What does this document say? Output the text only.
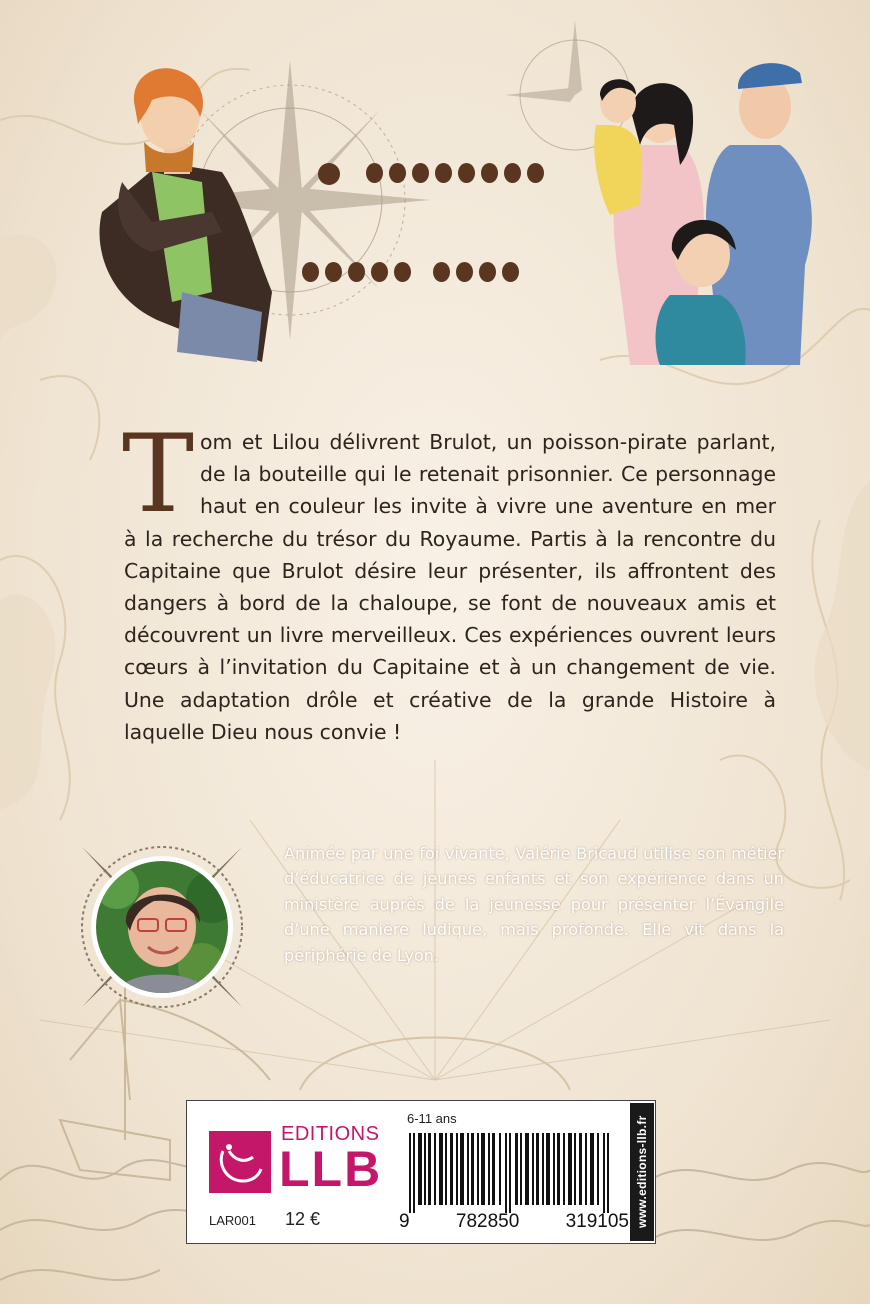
Tom et Lilou délivrent Brulot, un poisson-pirate parlant, de la bouteille qui le retenait prisonnier. Ce personnage haut en couleur les invite à vivre une aventure en mer à la recherche du trésor du Royaume. Partis à la rencontre du Capitaine que Brulot désire leur présenter, ils affrontent des dangers à bord de la chaloupe, se font de nouveaux amis et découvrent un livre merveilleux. Ces expériences ouvrent leurs cœurs à l’invitation du Capitaine et à un changement de vie. Une adaptation drôle et créative de la grande Histoire à laquelle Dieu nous convie !

Animée par une foi vivante, Valérie Bricaud utilise son métier d’éducatrice de jeunes enfants et son expérience dans un ministère auprès de la jeunesse pour présenter l’Évangile d’une manière ludique, mais profonde. Elle vit dans la périphérie de Lyon.

EDITIONS
LLB
LAR001 12 €
6-11 ans
9 782850 319105 www.editions-llb.fr
